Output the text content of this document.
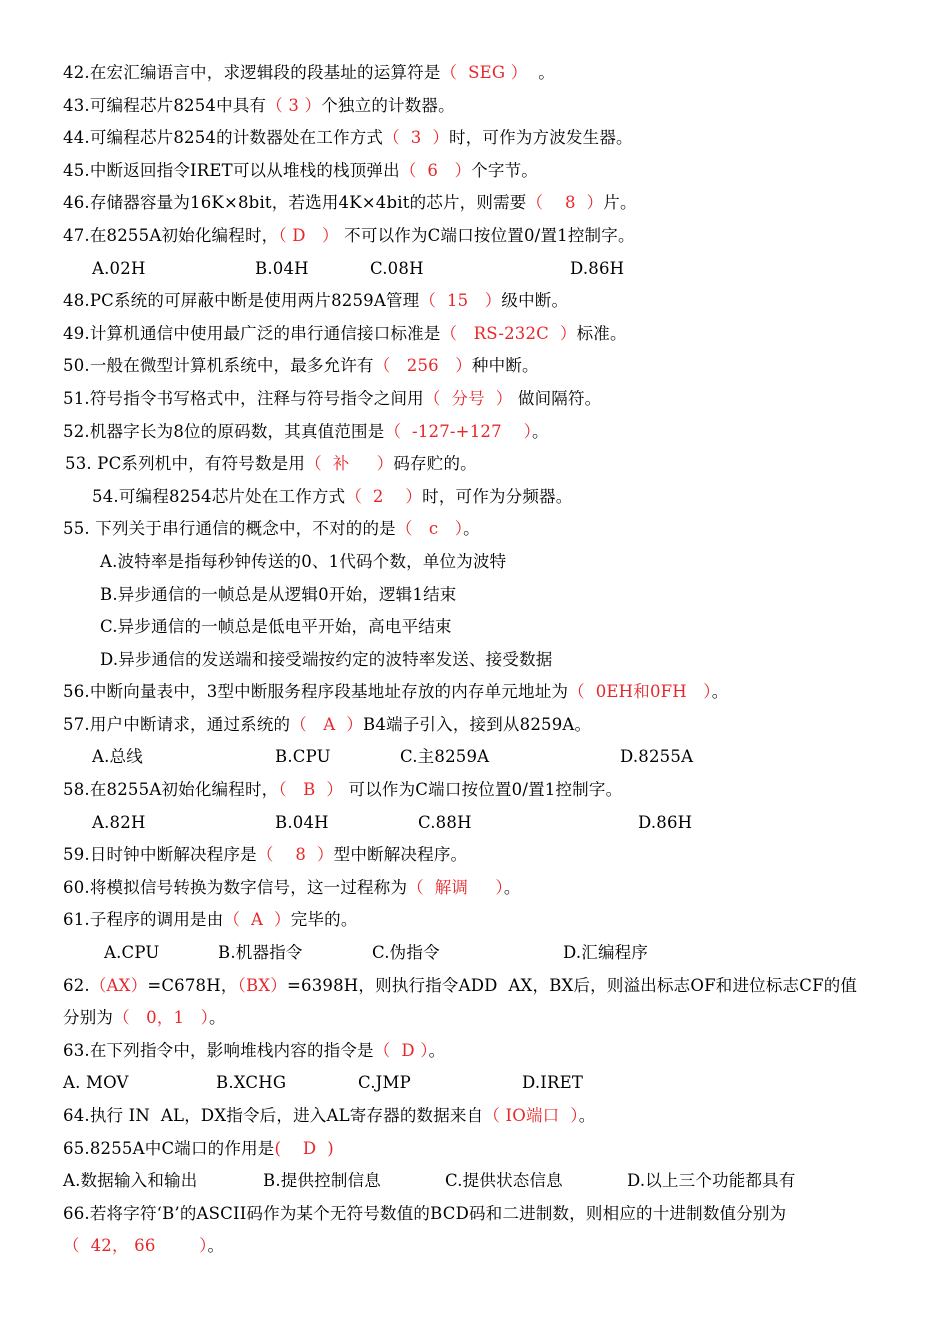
42.在宏汇编语言中，求逻辑段的段基址的运算符是（  SEG ）  。
43.可编程芯片8254中具有（ 3 ）个独立的计数器。
44.可编程芯片8254的计数器处在工作方式（  3  ）时，可作为方波发生器。
45.中断返回指令IRET可以从堆栈的栈顶弹出（  6   ）个字节。
46.存储器容量为16K×8bit，若选用4K×4bit的芯片，则需要（    8  ）片。
47.在8255A初始化编程时，（ D   ） 不可以作为C端口按位置0/置1控制字。
A.02H	B.04H	C.08H	D.86H
48.PC系统的可屏蔽中断是使用两片8259A管理（  15   ）级中断。
49.计算机通信中使用最广泛的串行通信接口标准是（   RS-232C  ）标准。
50.一般在微型计算机系统中，最多允许有（   256   ）种中断。
51.符号指令书写格式中，注释与符号指令之间用（  分号  ） 做间隔符。
52.机器字长为8位的原码数，其真值范围是（  -127-+127    ）。
53. PC系列机中，有符号数是用（  补     ）码存贮的。
54.可编程8254芯片处在工作方式（  2    ）时，可作为分频器。
55. 下列关于串行通信的概念中，不对的的是（   c   ）。
A.波特率是指每秒钟传送的0、1代码个数，单位为波特
B.异步通信的一帧总是从逻辑0开始，逻辑1结束
C.异步通信的一帧总是低电平开始，高电平结束
D.异步通信的发送端和接受端按约定的波特率发送、接受数据
56.中断向量表中，3型中断服务程序段基地址存放的内存单元地址为（  0EH和0FH   ）。
57.用户中断请求，通过系统的（   A  ）B4端子引入，接到从8259A。
A.总线	B.CPU	C.主8259A	D.8255A
58.在8255A初始化编程时，（   B  ） 可以作为C端口按位置0/置1控制字。
A.82H	B.04H	C.88H	D.86H
59.日时钟中断解决程序是（    8  ）型中断解决程序。
60.将模拟信号转换为数字信号，这一过程称为（  解调     ）。
61.子程序的调用是由（  A  ）完毕的。
A.CPU	B.机器指令	C.伪指令	D.汇编程序
62.（AX）=C678H，（BX）=6398H，则执行指令ADD  AX，BX后，则溢出标志OF和进位标志CF的值
分别为（   0，1   ）。
63.在下列指令中，影响堆栈内容的指令是（  D ）。
A. MOV	B.XCHG	C.JMP	D.IRET
64.执行 IN  AL，DX指令后，进入AL寄存器的数据来自（ IO端口  ）。
65.8255A中C端口的作用是(    D  )
A.数据输入和输出	B.提供控制信息	C.提供状态信息	D.以上三个功能都具有
66.若将字符‘B’的ASCII码作为某个无符号数值的BCD码和二进制数，则相应的十进制数值分别为
（  42， 66        ）。
